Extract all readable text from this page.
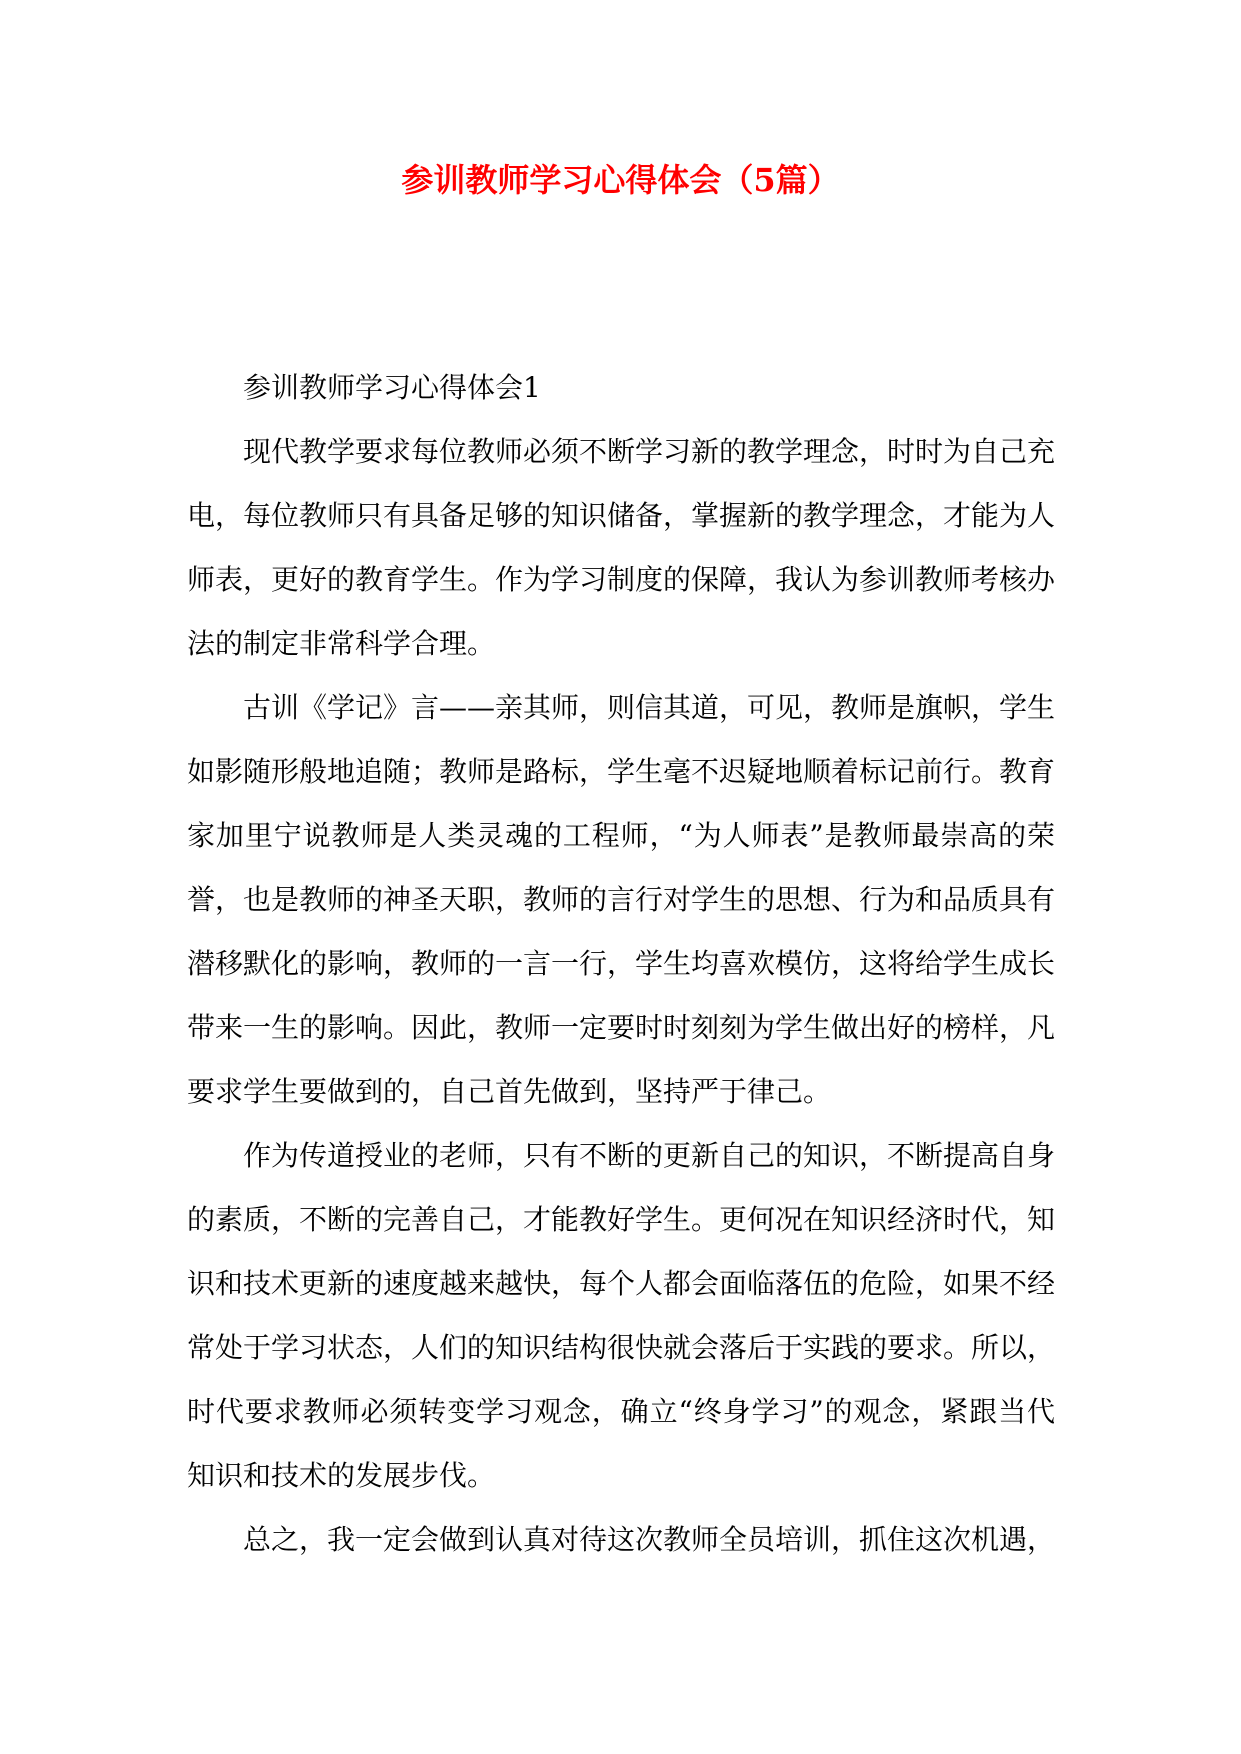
参训教师学习心得体会（5篇）

参训教师学习心得体会1

现代教学要求每位教师必须不断学习新的教学理念，时时为自己充电，每位教师只有具备足够的知识储备，掌握新的教学理念，才能为人师表，更好的教育学生。作为学习制度的保障，我认为参训教师考核办法的制定非常科学合理。

古训《学记》言——亲其师，则信其道，可见，教师是旗帜，学生如影随形般地追随；教师是路标，学生毫不迟疑地顺着标记前行。教育家加里宁说教师是人类灵魂的工程师，“为人师表”是教师最崇高的荣誉，也是教师的神圣天职，教师的言行对学生的思想、行为和品质具有潜移默化的影响，教师的一言一行，学生均喜欢模仿，这将给学生成长带来一生的影响。因此，教师一定要时时刻刻为学生做出好的榜样，凡要求学生要做到的，自己首先做到，坚持严于律己。

作为传道授业的老师，只有不断的更新自己的知识，不断提高自身的素质，不断的完善自己，才能教好学生。更何况在知识经济时代，知识和技术更新的速度越来越快，每个人都会面临落伍的危险，如果不经常处于学习状态，人们的知识结构很快就会落后于实践的要求。所以，时代要求教师必须转变学习观念，确立“终身学习”的观念，紧跟当代知识和技术的发展步伐。

总之，我一定会做到认真对待这次教师全员培训，抓住这次机遇，
